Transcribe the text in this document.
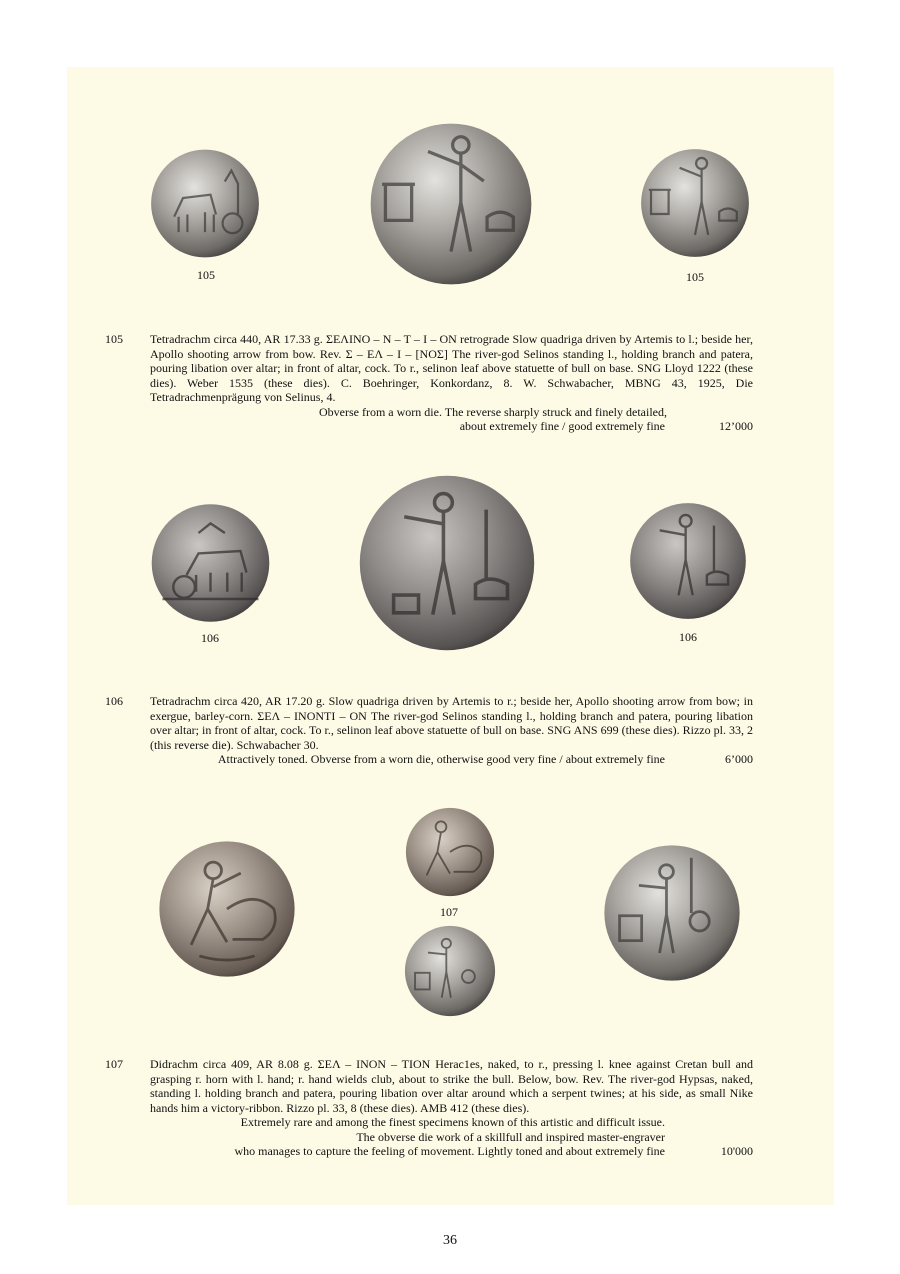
105	105
105 Tetradrachm circa 440, AR 17.33 g. ΣΕΛΙΝΟ – Ν – Τ – Ι – ΟΝ retrograde Slow quadriga driven by Artemis to l.; beside her, Apollo shooting arrow from bow. Rev. Σ – ΕΛ – Ι – [ΝΟΣ] The river-god Selinos standing l., holding branch and patera, pouring libation over altar; in front of altar, cock. To r., selinon leaf above statuette of bull on base. SNG Lloyd 1222 (these dies). Weber 1535 (these dies). C. Boehringer, Konkordanz, 8. W. Schwabacher, MBNG 43, 1925, Die Tetradrachmenprägung von Selinus, 4.
Obverse from a worn die. The reverse sharply struck and finely detailed,
about extremely fine / good extremely fine	12’000
106	106
106 Tetradrachm circa 420, AR 17.20 g. Slow quadriga driven by Artemis to r.; beside her, Apollo shooting arrow from bow; in exergue, barley-corn. ΣΕΛ – ΙΝΟΝΤΙ – ΟΝ The river-god Selinos standing l., holding branch and patera, pouring libation over altar; in front of altar, cock. To r., selinon leaf above statuette of bull on base. SNG ANS 699 (these dies). Rizzo pl. 33, 2 (this reverse die). Schwabacher 30.
Attractively toned. Obverse from a worn die, otherwise good very fine / about extremely fine	6’000
107
107 Didrachm circa 409, AR 8.08 g. ΣΕΛ – ΙΝΟΝ – ΤΙΟΝ Herac1es, naked, to r., pressing l. knee against Cretan bull and grasping r. horn with l. hand; r. hand wields club, about to strike the bull. Below, bow. Rev. The river-god Hypsas, naked, standing l. holding branch and patera, pouring libation over altar around which a serpent twines; at his side, as small Nike hands him a victory-ribbon. Rizzo pl. 33, 8 (these dies). AMB 412 (these dies).
Extremely rare and among the finest specimens known of this artistic and difficult issue.
The obverse die work of a skillfull and inspired master-engraver
who manages to capture the feeling of movement. Lightly toned and about extremely fine	10'000
36
